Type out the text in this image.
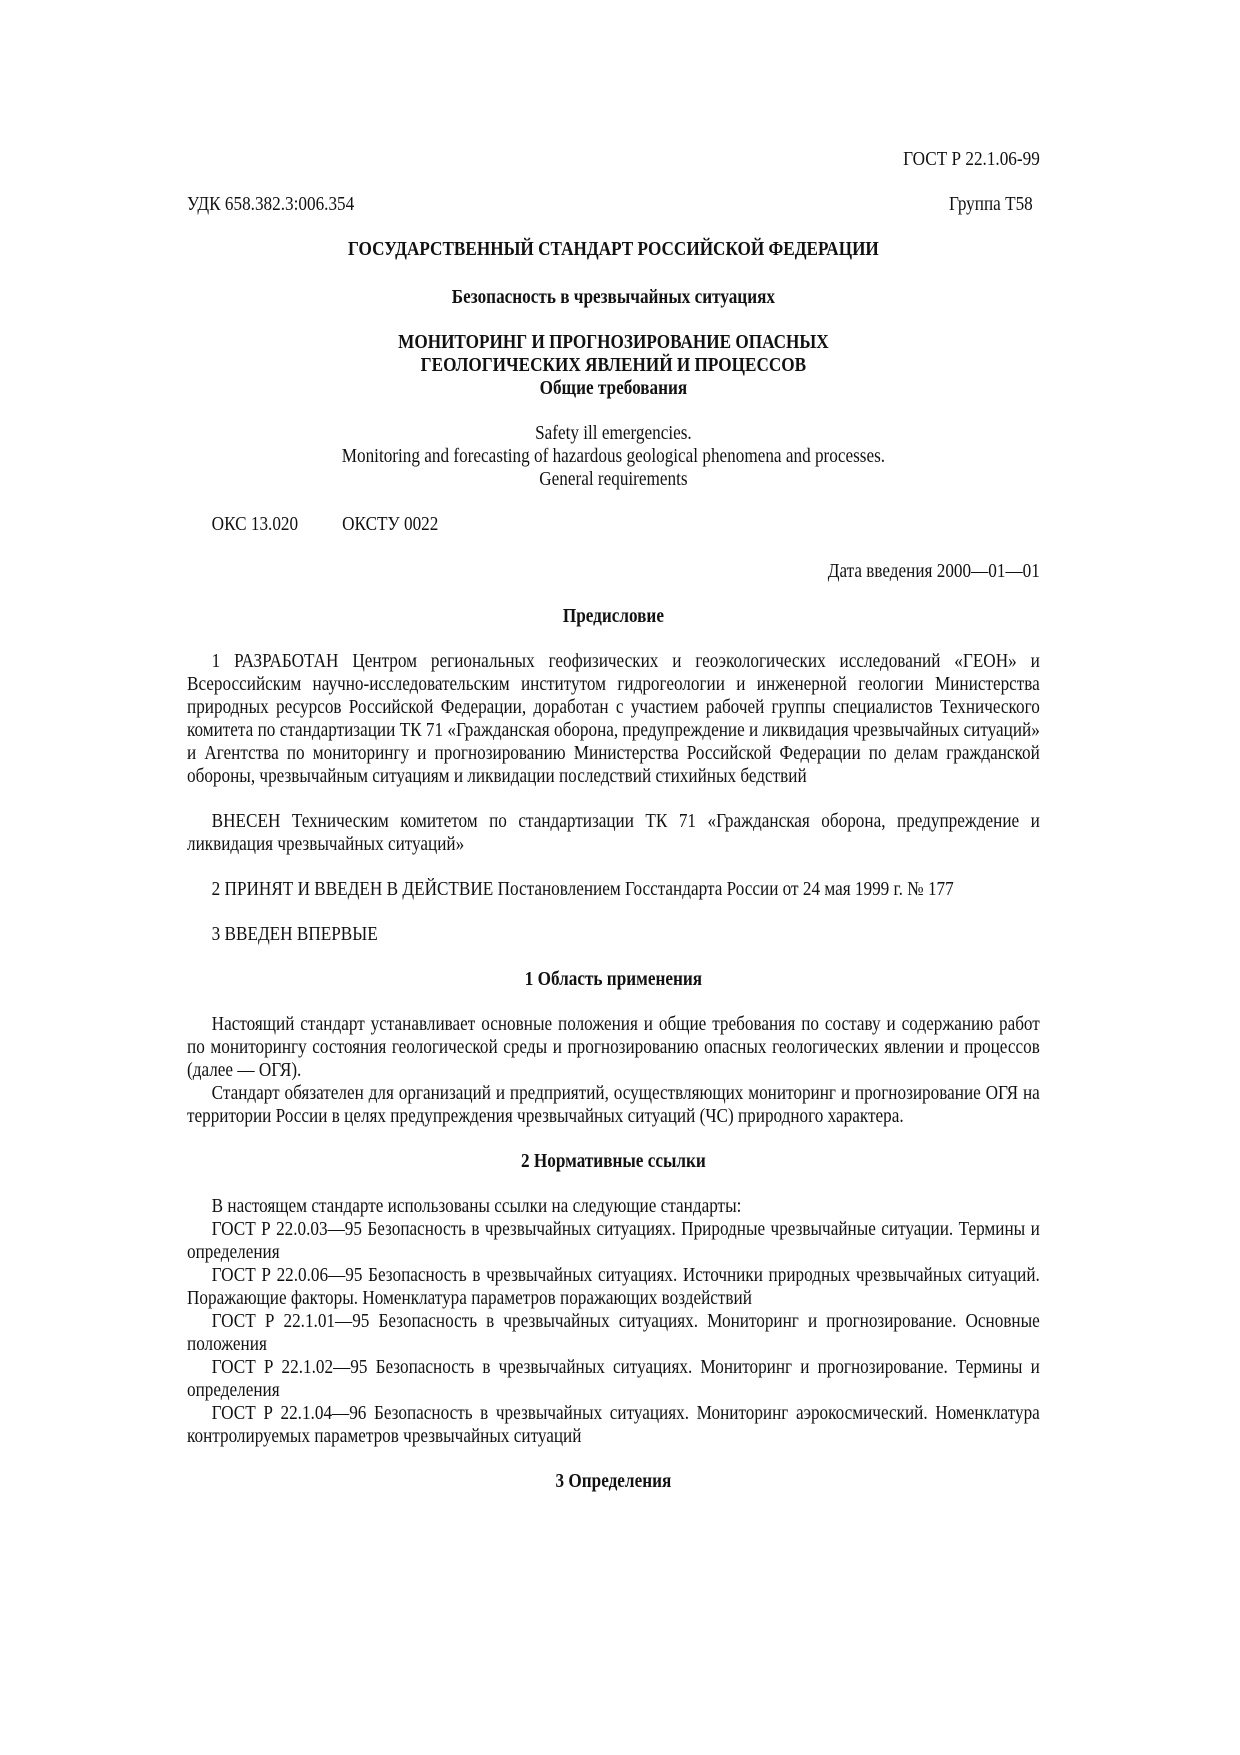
ГОСТ Р 22.1.06-99

УДК 658.382.3:006.354	Группа Т58

ГОСУДАРСТВЕННЫЙ СТАНДАРТ РОССИЙСКОЙ ФЕДЕРАЦИИ

Безопасность в чрезвычайных ситуациях

МОНИТОРИНГ И ПРОГНОЗИРОВАНИЕ ОПАСНЫХ

ГЕОЛОГИЧЕСКИХ ЯВЛЕНИЙ И ПРОЦЕССОВ

Общие требования

Safety ill emergencies.

Monitoring and forecasting of hazardous geological phenomena and processes.

General requirements

ОКС 13.020 ОКСТУ 0022

Дата введения 2000—01—01

Предисловие

1 РАЗРАБОТАН Центром региональных геофизических и геоэкологических исследований «ГЕОН» и Всероссийским научно-исследовательским институтом гидрогеологии и инженерной геологии Министерства природных ресурсов Российской Федерации, доработан с участием рабочей группы специалистов Технического комитета по стандартизации ТК 71 «Гражданская оборона, предупреждение и ликвидация чрезвычайных ситуаций» и Агентства по мониторингу и прогнозированию Министерства Российской Федерации по делам гражданской обороны, чрезвычайным ситуациям и ликвидации последствий стихийных бедствий

ВНЕСЕН Техническим комитетом по стандартизации ТК 71 «Гражданская оборона, предупреждение и ликвидация чрезвычайных ситуаций»

2 ПРИНЯТ И ВВЕДЕН В ДЕЙСТВИЕ Постановлением Госстандарта России от 24 мая 1999 г. № 177

3 ВВЕДЕН ВПЕРВЫЕ

1 Область применения

Настоящий стандарт устанавливает основные положения и общие требования по составу и содержанию работ по мониторингу состояния геологической среды и прогнозированию опасных геологических явлении и процессов (далее — ОГЯ).

Стандарт обязателен для организаций и предприятий, осуществляющих мониторинг и прогнозирование ОГЯ на территории России в целях предупреждения чрезвычайных ситуаций (ЧС) природного характера.

2 Нормативные ссылки

В настоящем стандарте использованы ссылки на следующие стандарты:

ГОСТ Р 22.0.03—95 Безопасность в чрезвычайных ситуациях. Природные чрезвычайные ситуации. Термины и определения

ГОСТ Р 22.0.06—95 Безопасность в чрезвычайных ситуациях. Источники природных чрезвычайных ситуаций. Поражающие факторы. Номенклатура параметров поражающих воздействий

ГОСТ Р 22.1.01—95 Безопасность в чрезвычайных ситуациях. Мониторинг и прогнозирование. Основные положения

ГОСТ Р 22.1.02—95 Безопасность в чрезвычайных ситуациях. Мониторинг и прогнозирование. Термины и определения

ГОСТ Р 22.1.04—96 Безопасность в чрезвычайных ситуациях. Мониторинг аэрокосмический. Номенклатура контролируемых параметров чрезвычайных ситуаций

3 Определения
